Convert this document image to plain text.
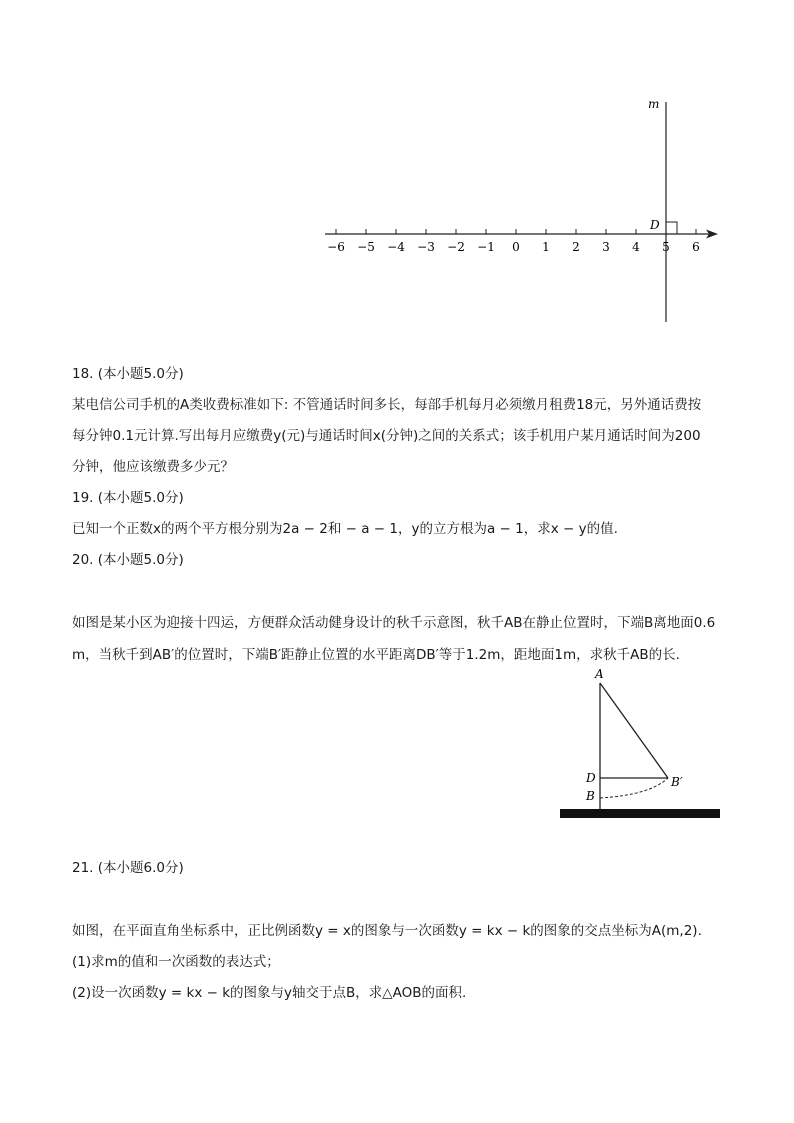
m
D
−6 −5 −4 −3 −2 −1 0 1 2 3 4 5 6
18. (本小题5.0分)
某电信公司手机的A类收费标准如下: 不管通话时间多长，每部手机每月必须缴月租费18元，另外通话费按
每分钟0.1元计算.写出每月应缴费y(元)与通话时间x(分钟)之间的关系式；该手机用户某月通话时间为200
分钟，他应该缴费多少元？
19. (本小题5.0分)
已知一个正数x的两个平方根分别为2a − 2和 − a − 1，y的立方根为a − 1，求x − y的值.
20. (本小题5.0分)
如图是某小区为迎接十四运，方便群众活动健身设计的秋千示意图，秋千AB在静止位置时，下端B离地面0.6
m，当秋千到AB′的位置时，下端B′距静止位置的水平距离DB′等于1.2m，距地面1m，求秋千AB的长.
A
D
B
B′
21. (本小题6.0分)
如图，在平面直角坐标系中，正比例函数y = x的图象与一次函数y = kx − k的图象的交点坐标为A(m,2).
(1)求m的值和一次函数的表达式；
(2)设一次函数y = kx − k的图象与y轴交于点B，求△AOB的面积.
